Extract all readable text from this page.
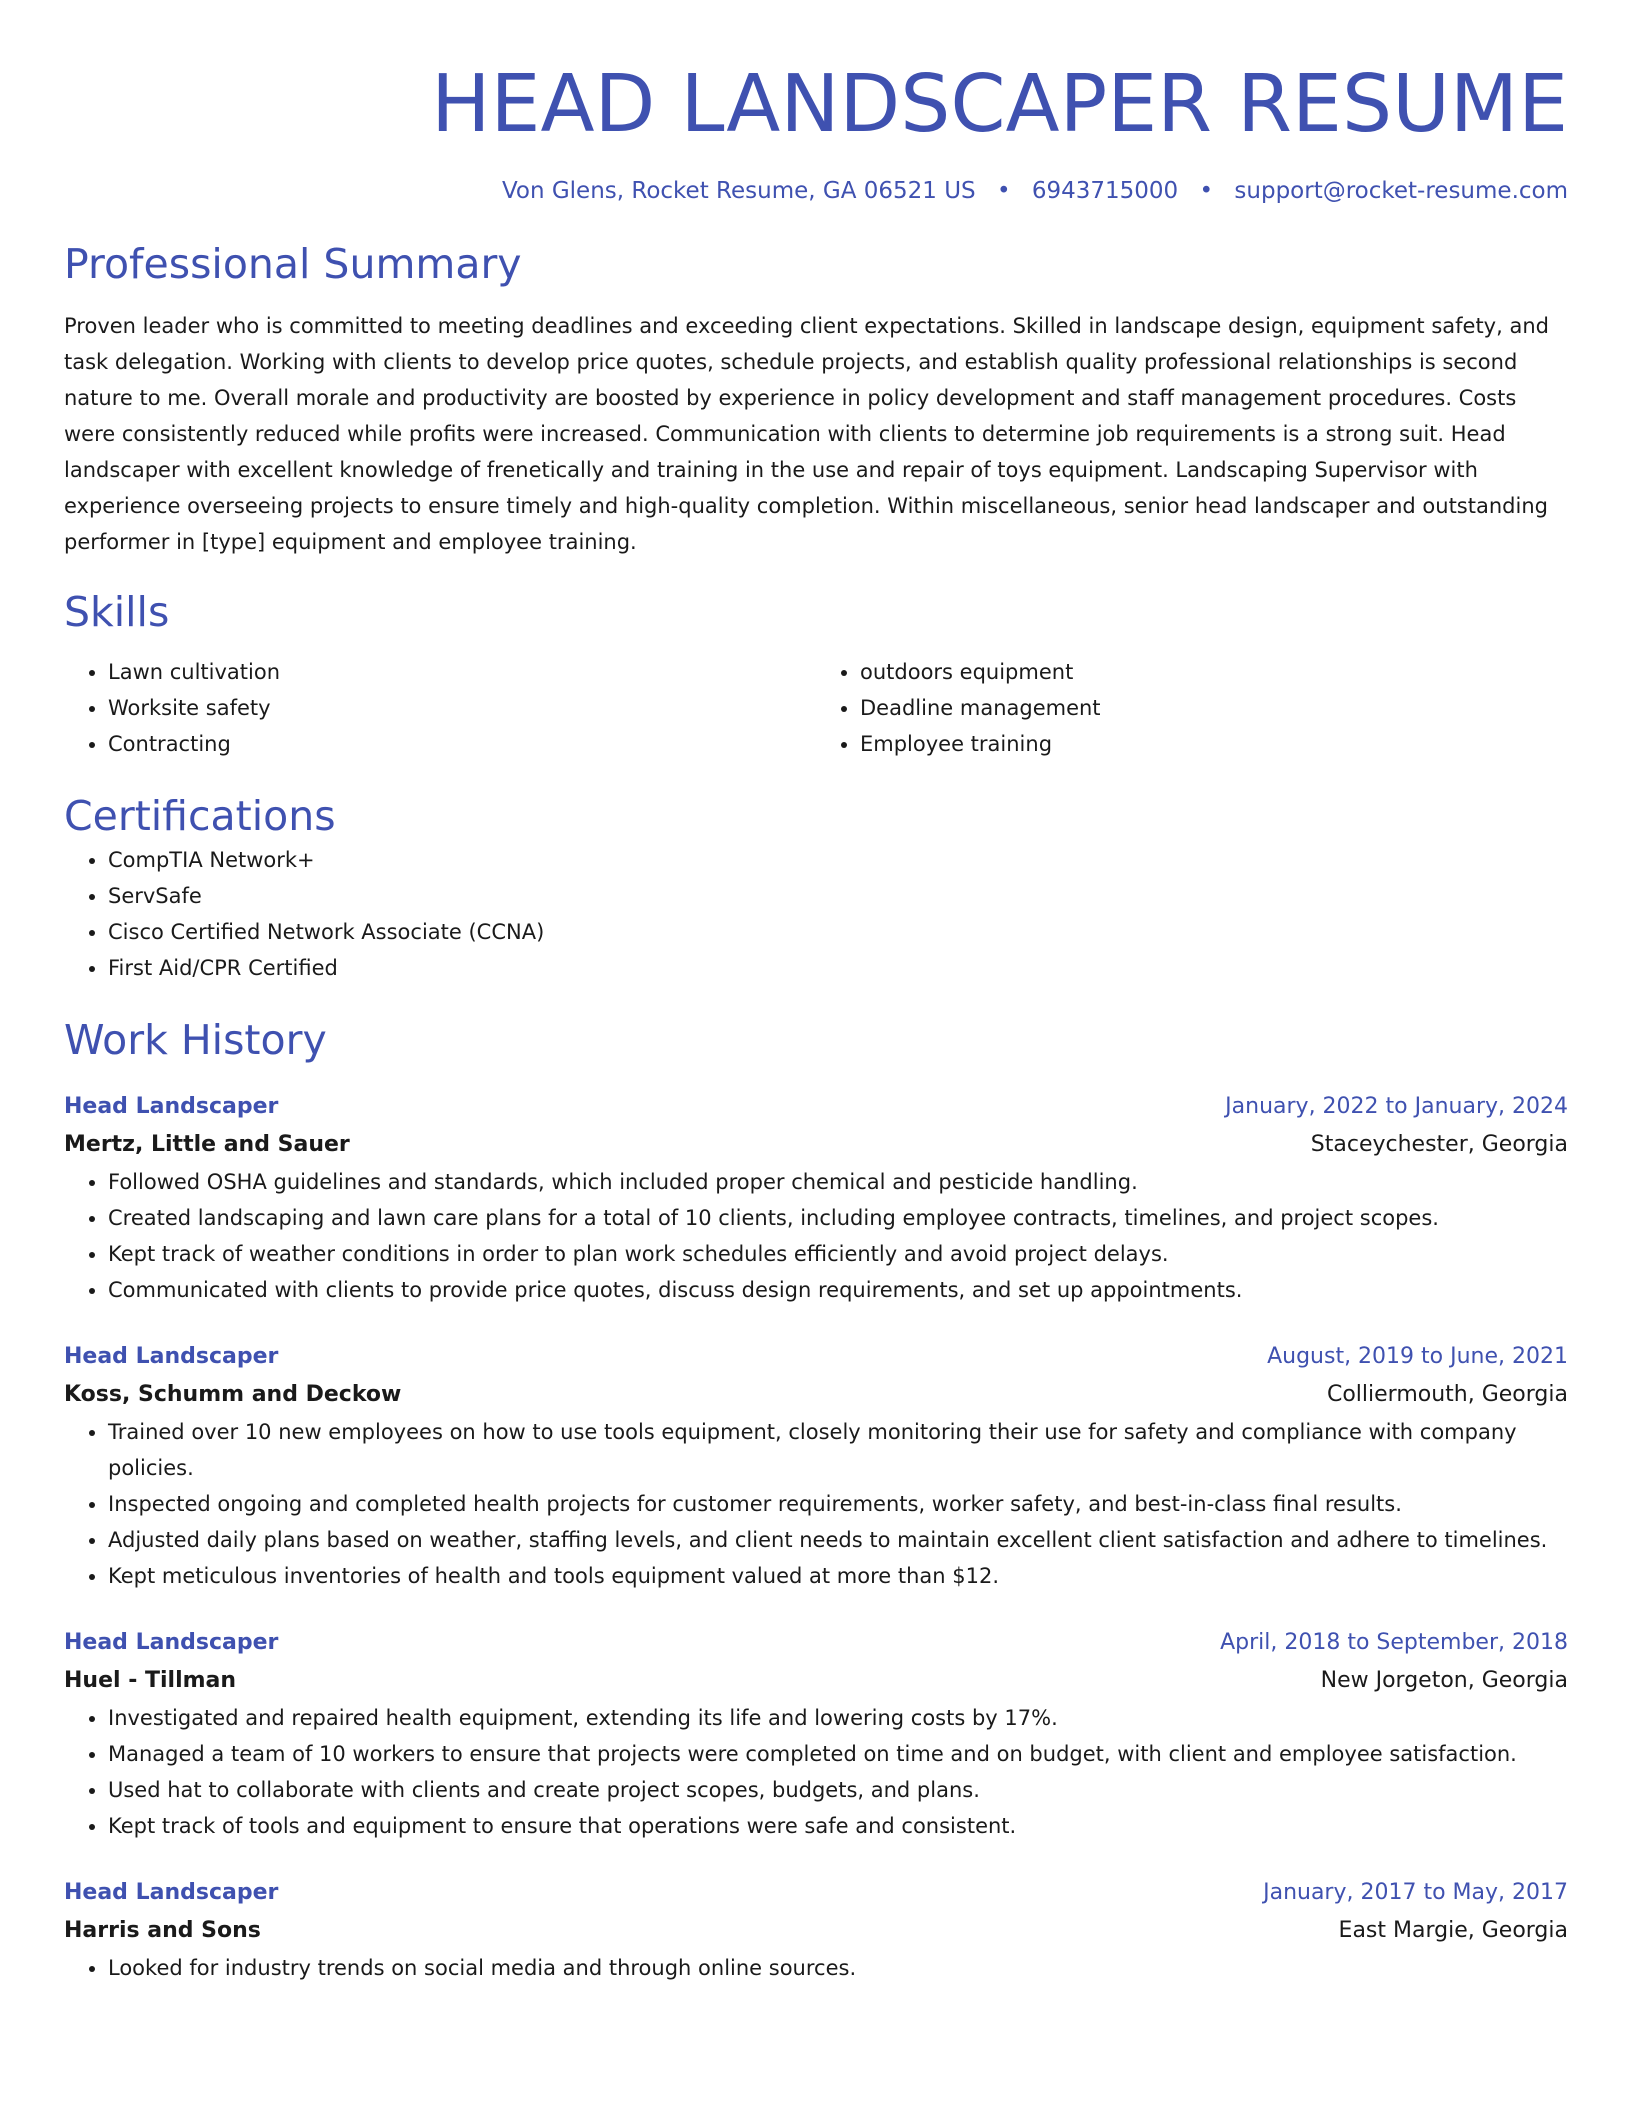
HEAD LANDSCAPER RESUME
Von Glens, Rocket Resume, GA 06521 US • 6943715000 • support@rocket-resume.com
Professional Summary
Proven leader who is committed to meeting deadlines and exceeding client expectations. Skilled in landscape design, equipment safety, and task delegation. Working with clients to develop price quotes, schedule projects, and establish quality professional relationships is second nature to me. Overall morale and productivity are boosted by experience in policy development and staff management procedures. Costs were consistently reduced while profits were increased. Communication with clients to determine job requirements is a strong suit. Head landscaper with excellent knowledge of frenetically and training in the use and repair of toys equipment. Landscaping Supervisor with experience overseeing projects to ensure timely and high-quality completion. Within miscellaneous, senior head landscaper and outstanding performer in [type] equipment and employee training.
Skills
• Lawn cultivation
• Worksite safety
• Contracting
• outdoors equipment
• Deadline management
• Employee training
Certifications
• CompTIA Network+
• ServSafe
• Cisco Certified Network Associate (CCNA)
• First Aid/CPR Certified
Work History
Head Landscaper	January, 2022 to January, 2024
Mertz, Little and Sauer	Staceychester, Georgia
• Followed OSHA guidelines and standards, which included proper chemical and pesticide handling.
• Created landscaping and lawn care plans for a total of 10 clients, including employee contracts, timelines, and project scopes.
• Kept track of weather conditions in order to plan work schedules efficiently and avoid project delays.
• Communicated with clients to provide price quotes, discuss design requirements, and set up appointments.
Head Landscaper	August, 2019 to June, 2021
Koss, Schumm and Deckow	Colliermouth, Georgia
• Trained over 10 new employees on how to use tools equipment, closely monitoring their use for safety and compliance with company policies.
• Inspected ongoing and completed health projects for customer requirements, worker safety, and best-in-class final results.
• Adjusted daily plans based on weather, staffing levels, and client needs to maintain excellent client satisfaction and adhere to timelines.
• Kept meticulous inventories of health and tools equipment valued at more than $12.
Head Landscaper	April, 2018 to September, 2018
Huel - Tillman	New Jorgeton, Georgia
• Investigated and repaired health equipment, extending its life and lowering costs by 17%.
• Managed a team of 10 workers to ensure that projects were completed on time and on budget, with client and employee satisfaction.
• Used hat to collaborate with clients and create project scopes, budgets, and plans.
• Kept track of tools and equipment to ensure that operations were safe and consistent.
Head Landscaper	January, 2017 to May, 2017
Harris and Sons	East Margie, Georgia
• Looked for industry trends on social media and through online sources.
